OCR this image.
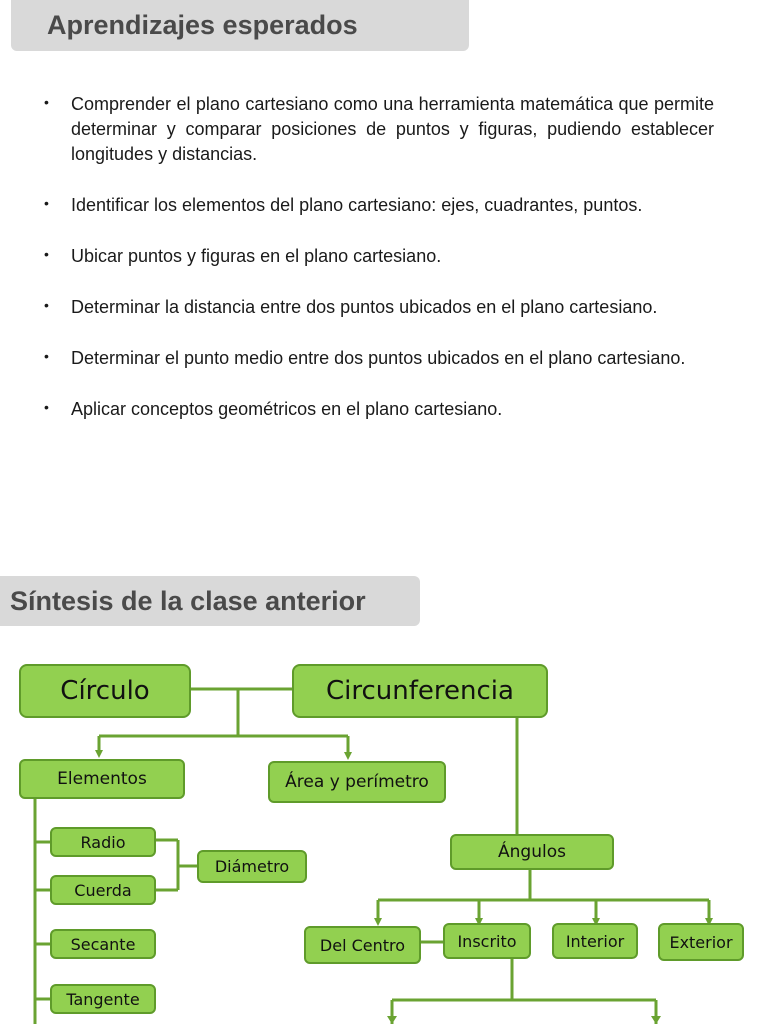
Aprendizajes esperados
• Comprender el plano cartesiano como una herramienta matemática que permite determinar y comparar posiciones de puntos y figuras, pudiendo establecer longitudes y distancias.
• Identificar los elementos del plano cartesiano: ejes, cuadrantes, puntos.
• Ubicar puntos y figuras en el plano cartesiano.
• Determinar la distancia entre dos puntos ubicados en el plano cartesiano.
• Determinar el punto medio entre dos puntos ubicados en el plano cartesiano.
• Aplicar conceptos geométricos en el plano cartesiano.
Síntesis de la clase anterior
Círculo	Circunferencia
Elementos	Área y perímetro
Radio
Cuerda
Diámetro
Secante
Tangente
Ángulos
Del Centro	Inscrito	Interior	Exterior
